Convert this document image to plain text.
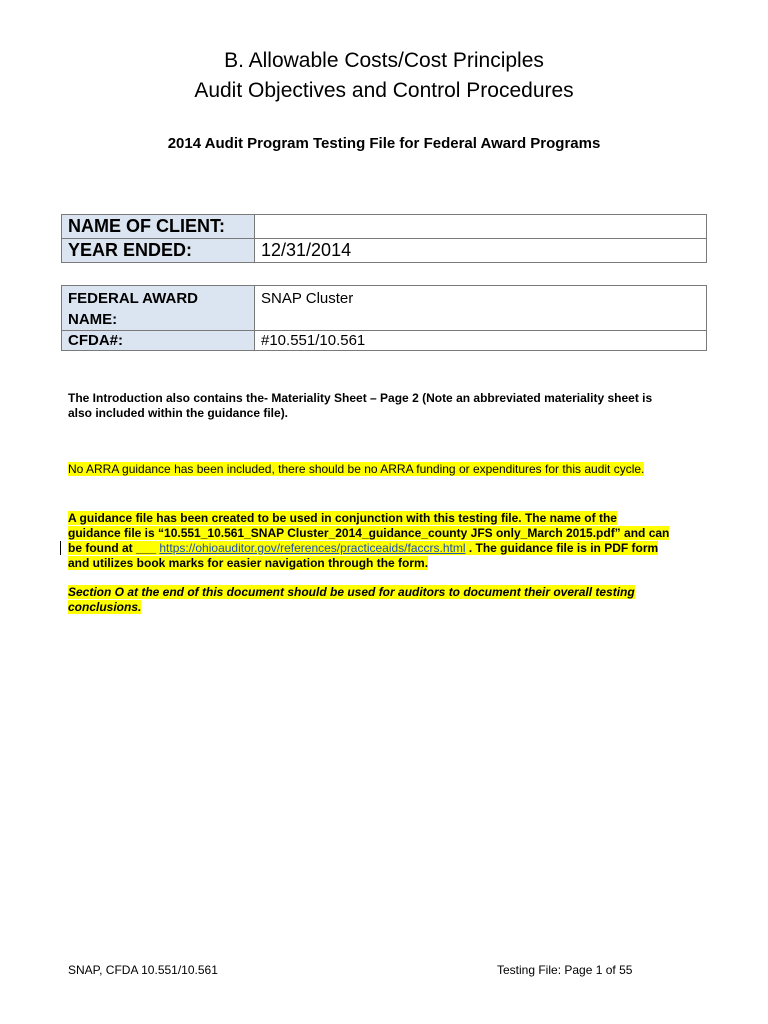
B. Allowable Costs/Cost Principles
Audit Objectives and Control Procedures
2014 Audit Program Testing File for Federal Award Programs
NAME OF CLIENT:	
YEAR ENDED:	12/31/2014
FEDERAL AWARD
NAME:	SNAP Cluster
CFDA#:	#10.551/10.561
The Introduction also contains the- Materiality Sheet – Page 2 (Note an abbreviated materiality sheet is
also included within the guidance file).
No ARRA guidance has been included, there should be no ARRA funding or expenditures for this audit cycle.
A guidance file has been created to be used in conjunction with this testing file. The name of the
guidance file is “10.551_10.561_SNAP Cluster_2014_guidance_county JFS only_March 2015.pdf” and can
be found at ___ https://ohioauditor.gov/references/practiceaids/faccrs.html . The guidance file is in PDF form
and utilizes book marks for easier navigation through the form.
Section O at the end of this document should be used for auditors to document their overall testing
conclusions.
SNAP, CFDA 10.551/10.561	Testing File: Page 1 of 55
